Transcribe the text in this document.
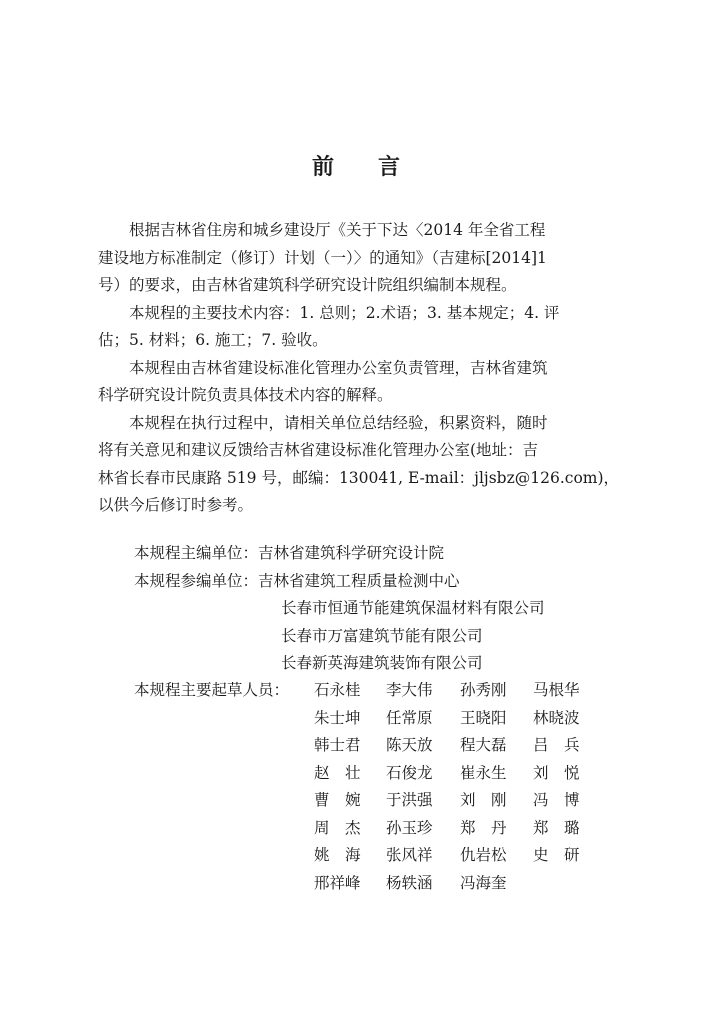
前言
　　根据吉林省住房和城乡建设厅《关于下达〈2014 年全省工程
建设地方标准制定（修订）计划（一）〉的通知》（吉建标[2014]1
号）的要求，由吉林省建筑科学研究设计院组织编制本规程。
　　本规程的主要技术内容：1. 总则；2.术语；3. 基本规定；4. 评
估；5. 材料；6. 施工；7. 验收。
　　本规程由吉林省建设标准化管理办公室负责管理，吉林省建筑
科学研究设计院负责具体技术内容的解释。
　　本规程在执行过程中，请相关单位总结经验，积累资料，随时
将有关意见和建议反馈给吉林省建设标准化管理办公室(地址：吉
林省长春市民康路 519 号，邮编：130041, E-mail：jljsbz@126.com)，
以供今后修订时参考。
本规程主编单位：吉林省建筑科学研究设计院
本规程参编单位：吉林省建筑工程质量检测中心
长春市恒通节能建筑保温材料有限公司
长春市万富建筑节能有限公司
长春新英海建筑装饰有限公司
本规程主要起草人员： 石永桂	李大伟	孙秀刚	马根华
朱士坤	任常原	王晓阳	林晓波
韩士君	陈天放	程大磊	吕　兵
赵　壮	石俊龙	崔永生	刘　悦
曹　婉	于洪强	刘　刚	冯　博
周　杰	孙玉珍	郑　丹	郑　璐
姚　海	张风祥	仇岩松	史　研
邢祥峰	杨轶涵	冯海奎
